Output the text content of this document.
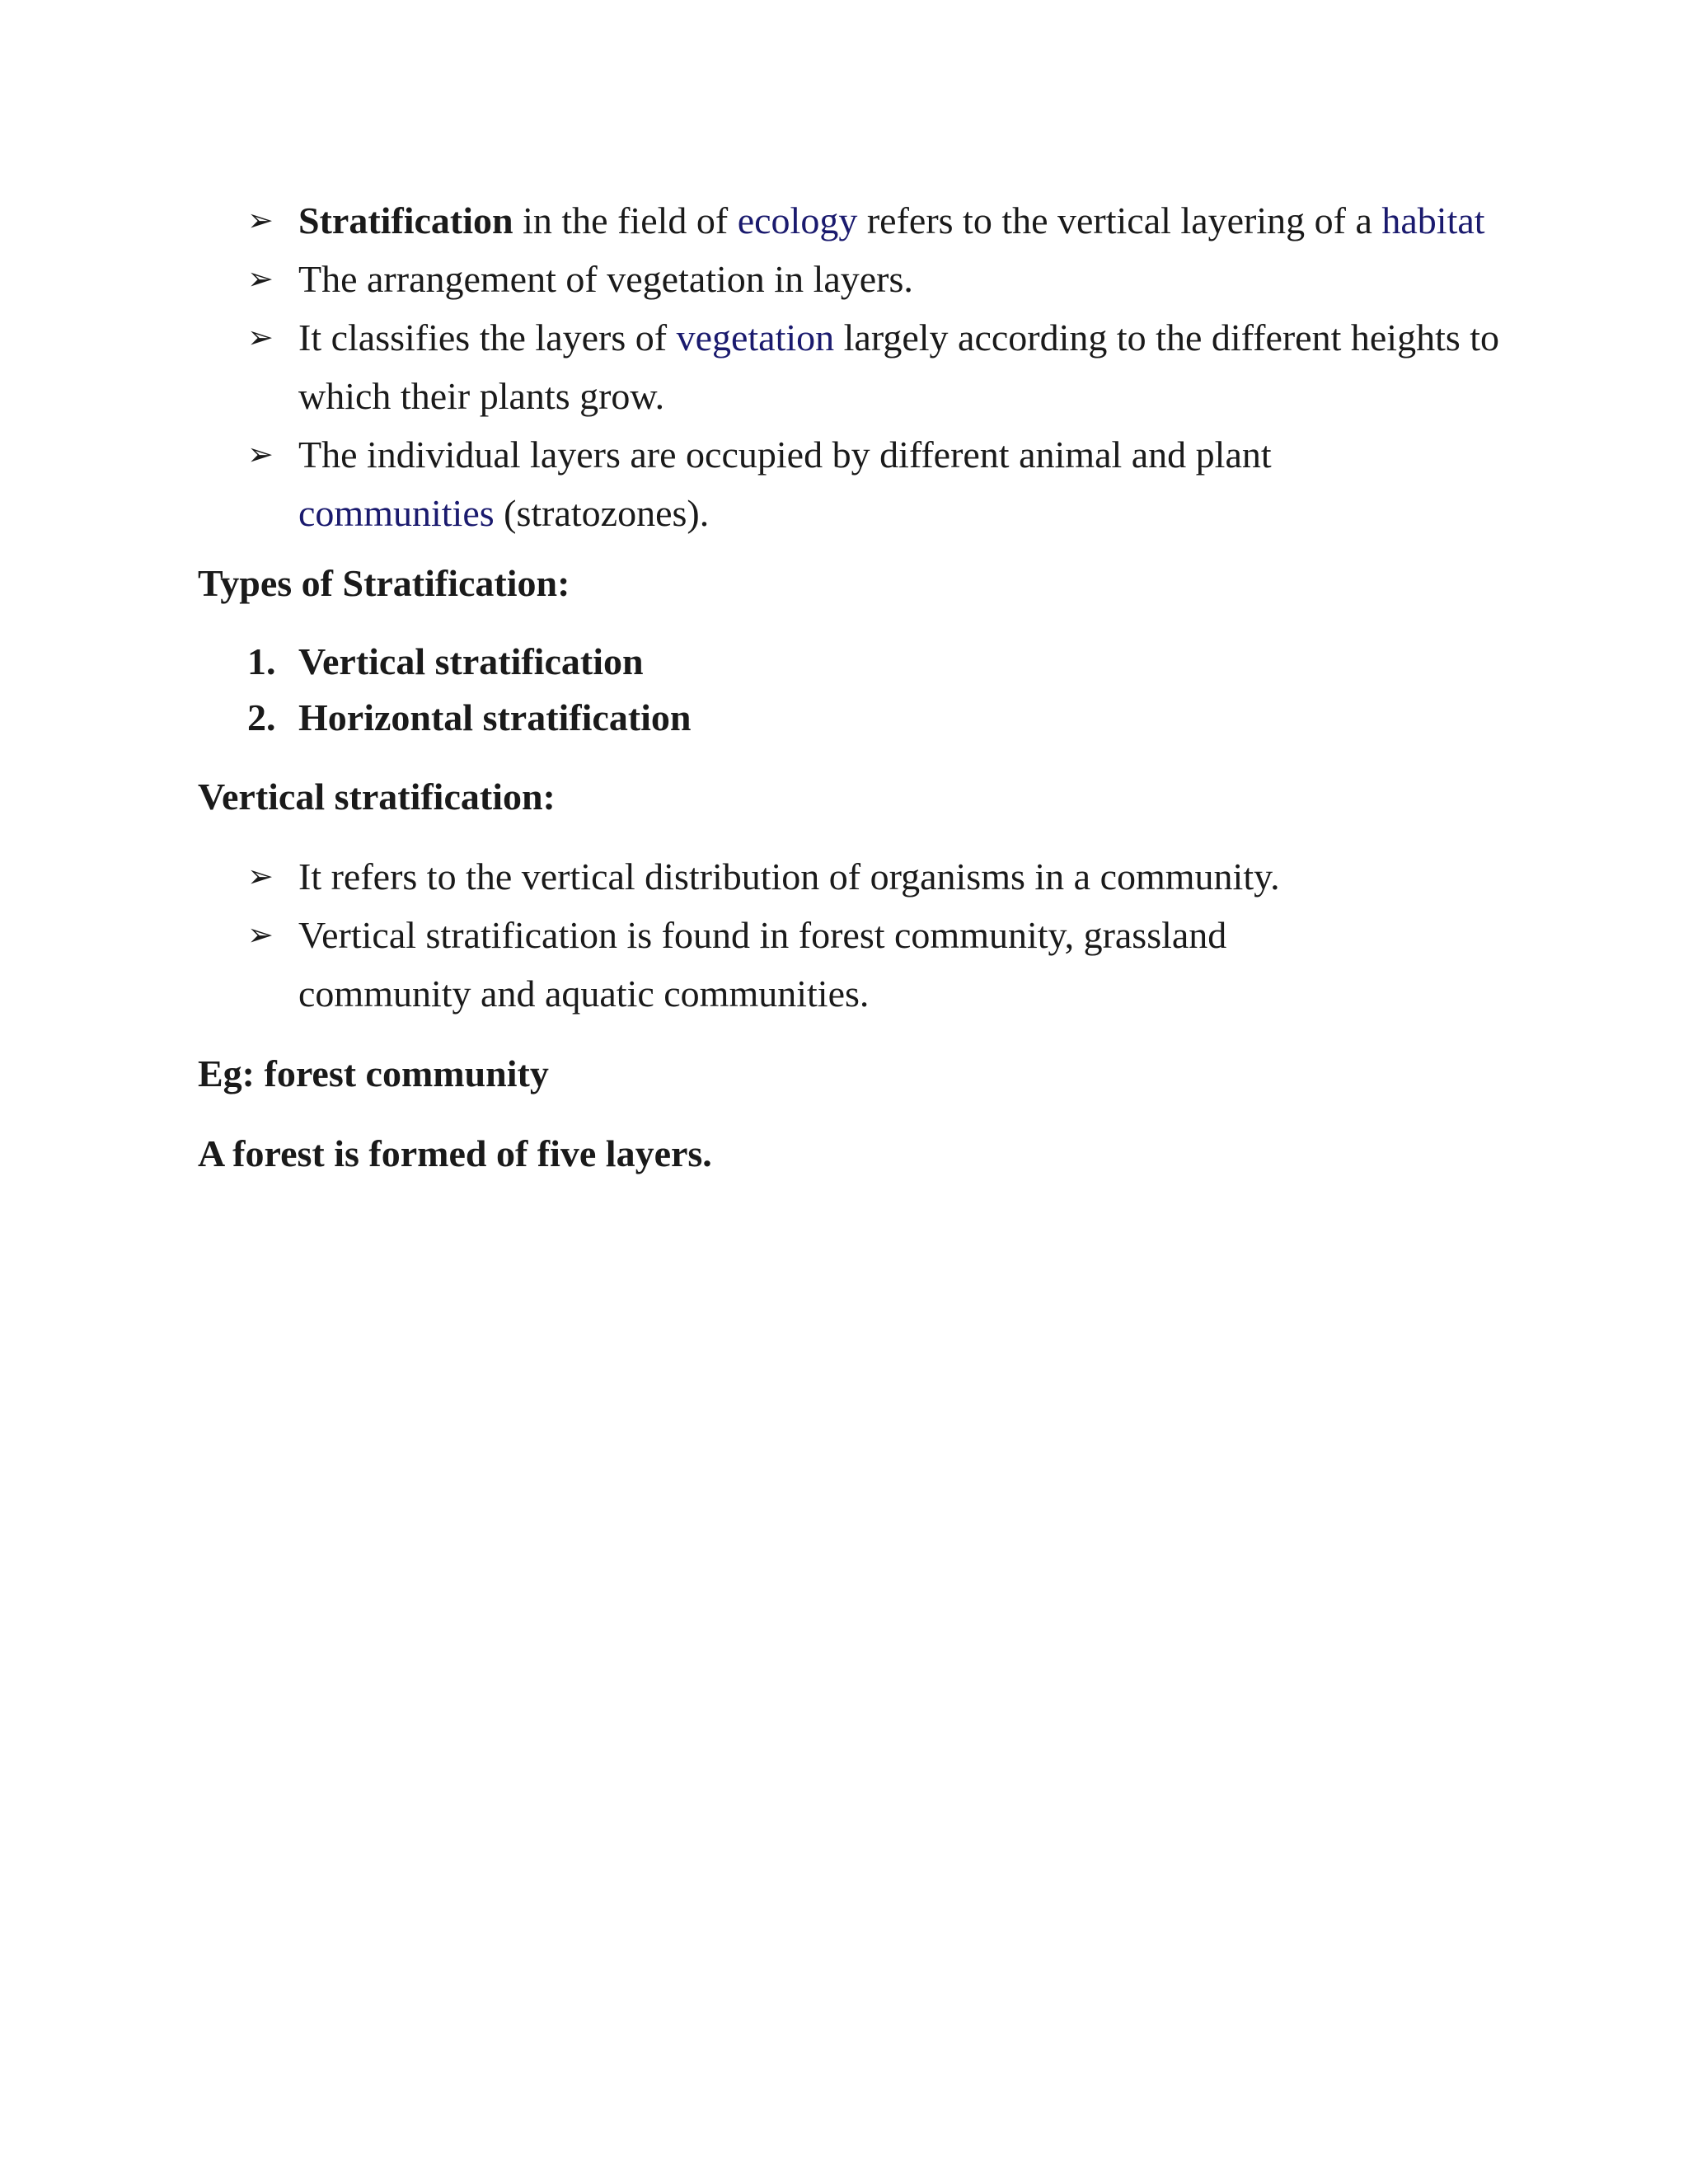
➢ Stratification in the field of ecology refers to the vertical layering of a habitat
➢ The arrangement of vegetation in layers.
➢ It classifies the layers of vegetation largely according to the different heights to which their plants grow.
➢ The individual layers are occupied by different animal and plant communities (stratozones).

Types of Stratification:

1. Vertical stratification
2. Horizontal stratification

Vertical stratification:

➢ It refers to the vertical distribution of organisms in a community.
➢ Vertical stratification is found in forest community, grassland community and aquatic communities.

Eg: forest community

A forest is formed of five layers.
